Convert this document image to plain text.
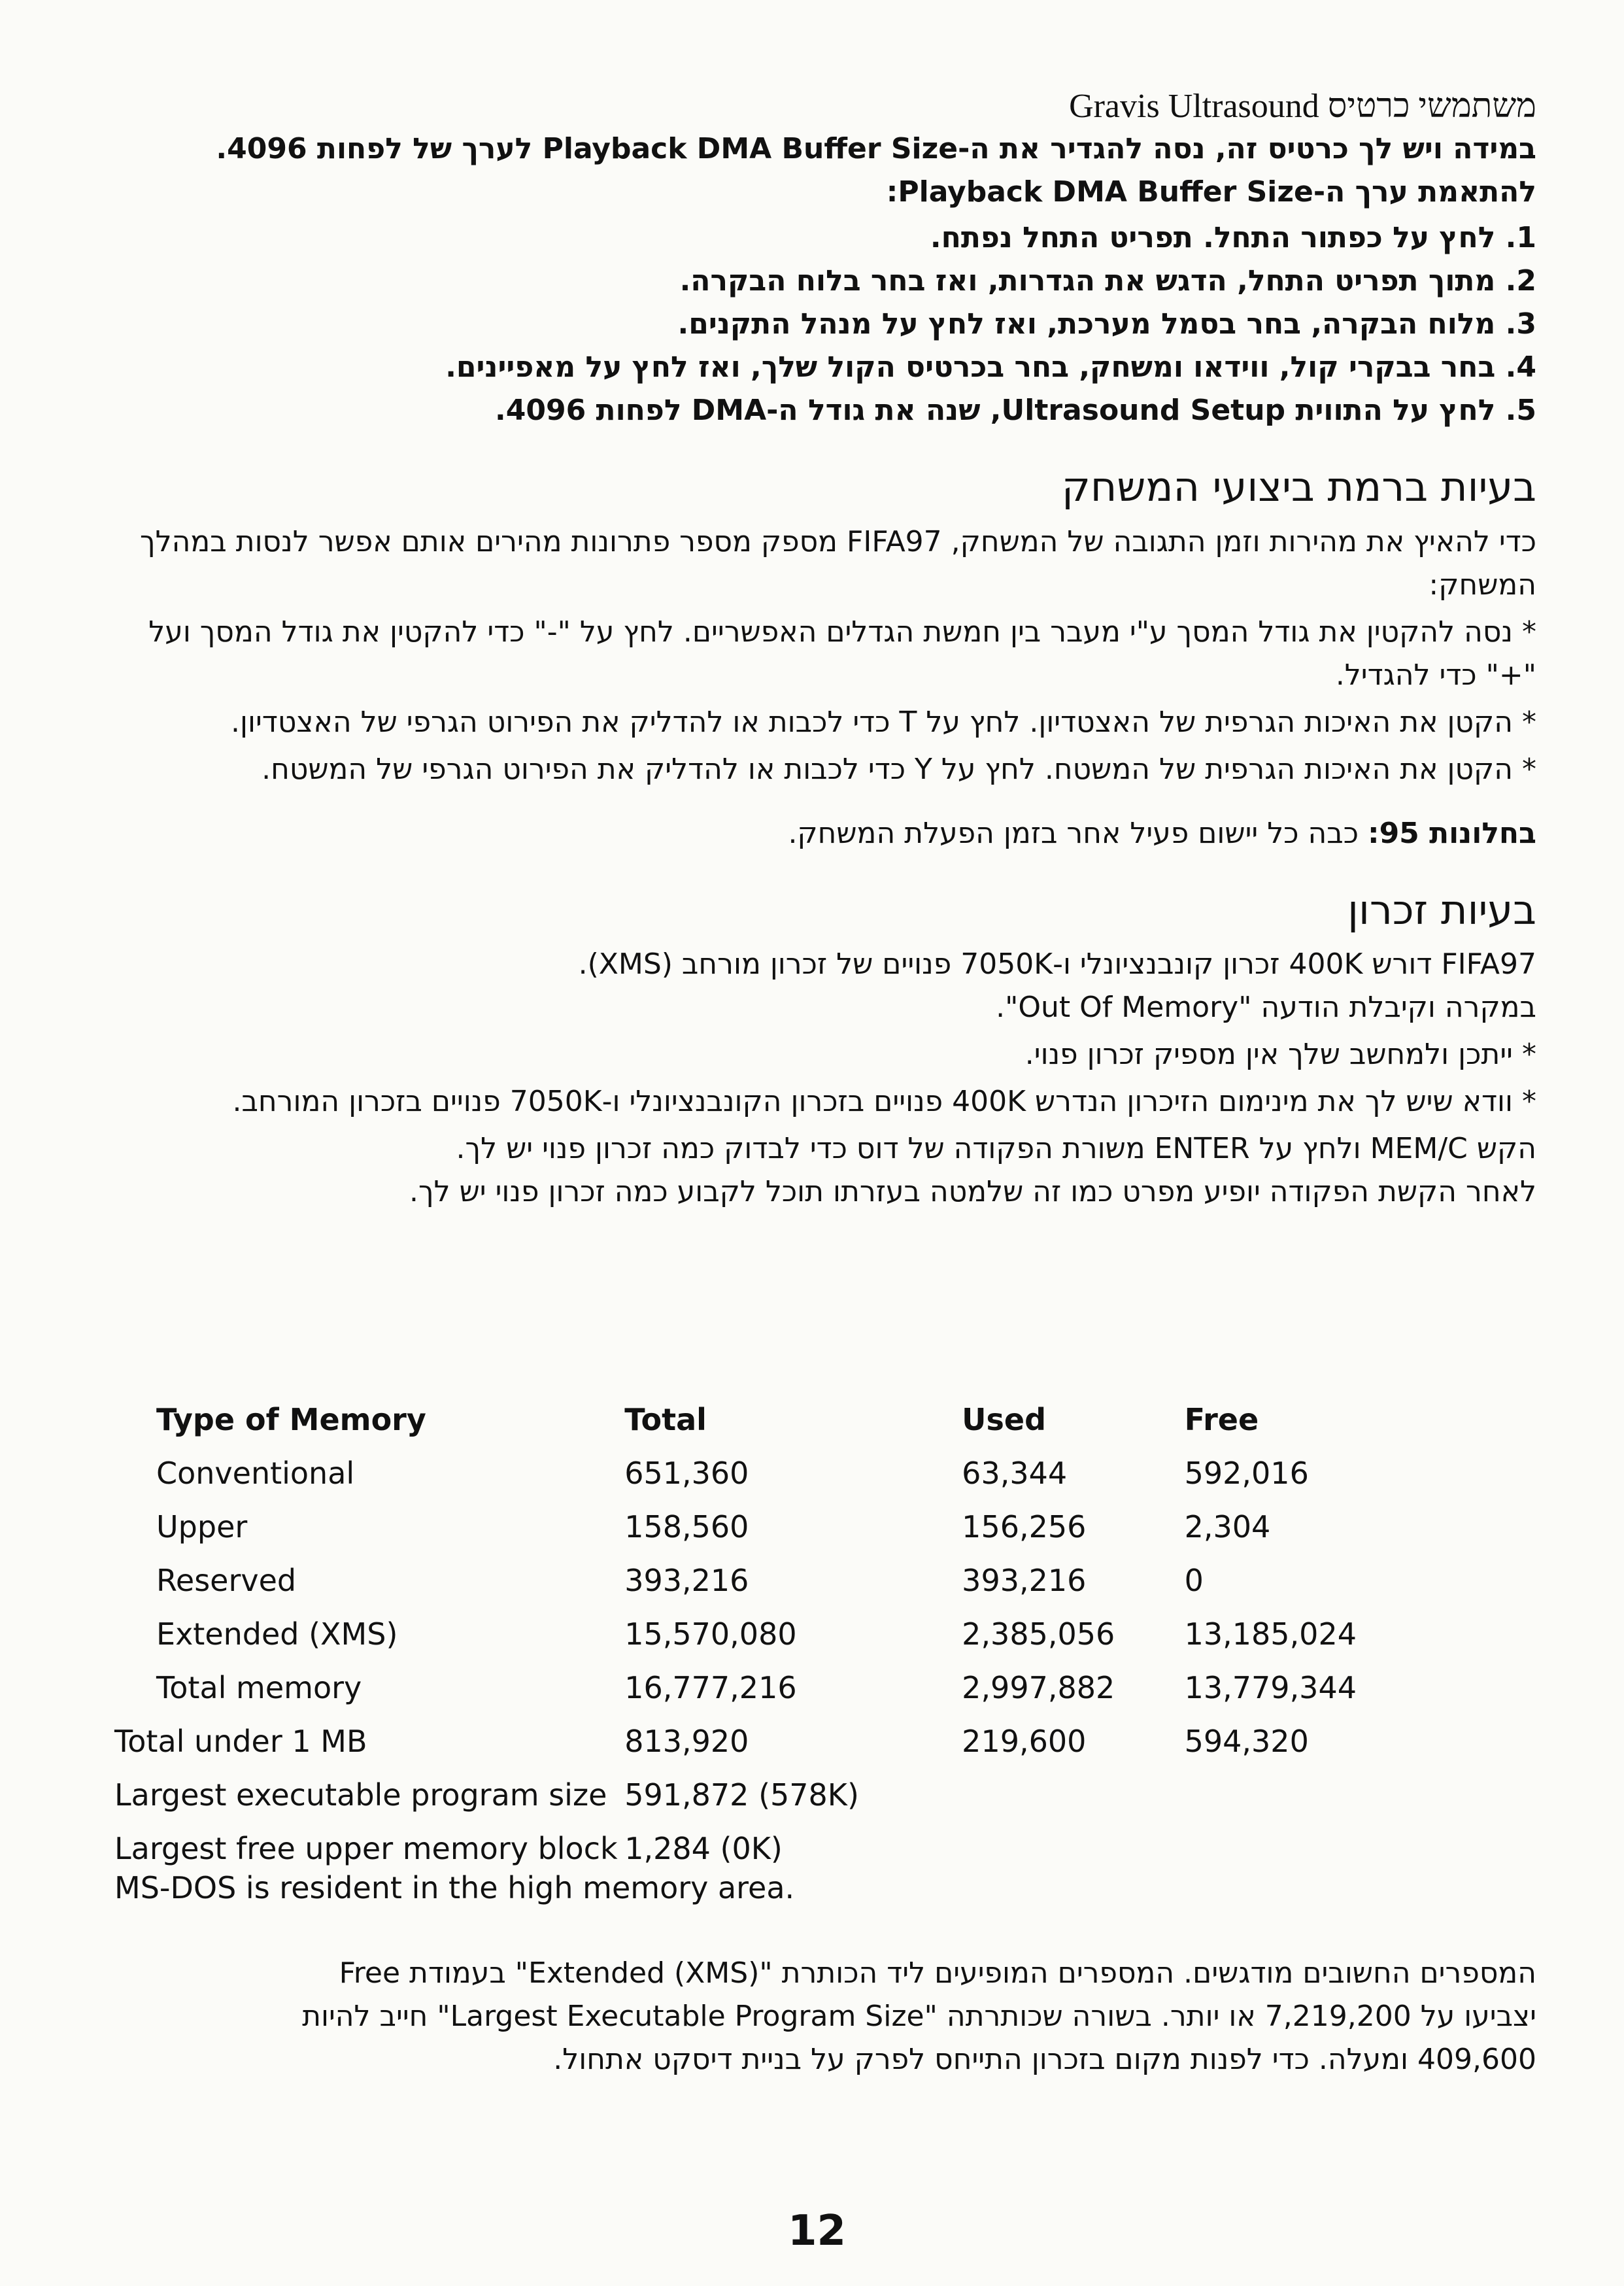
משתמשי כרטיס Gravis Ultrasound

במידה ויש לך כרטיס זה, נסה להגדיר את ה-Playback DMA Buffer Size לערך של לפחות 4096.

להתאמת ערך ה-Playback DMA Buffer Size:

1. לחץ על כפתור התחל. תפריט התחל נפתח.
2. מתוך תפריט התחל, הדגש את הגדרות, ואז בחר בלוח הבקרה.
3. מלוח הבקרה, בחר בסמל מערכת, ואז לחץ על מנהל התקנים.
4. בחר בבקרי קול, ווידאו ומשחק, בחר בכרטיס הקול שלך, ואז לחץ על מאפיינים.
5. לחץ על התווית Ultrasound Setup, שנה את גודל ה-DMA לפחות 4096.
בעיות ברמת ביצועי המשחק

כדי להאיץ את מהירות וזמן התגובה של המשחק, FIFA97 מספק מספר פתרונות מהירים אותם אפשר לנסות במהלך המשחק:

* נסה להקטין את גודל המסך ע"י מעבר בין חמשת הגדלים האפשריים. לחץ על "-" כדי להקטין את גודל המסך ועל "+" כדי להגדיל.

* הקטן את האיכות הגרפית של האצטדיון. לחץ על T כדי לכבות או להדליק את הפירוט הגרפי של האצטדיון.

* הקטן את האיכות הגרפית של המשטח. לחץ על Y כדי לכבות או להדליק את הפירוט הגרפי של המשטח.

בחלונות 95: כבה כל יישום פעיל אחר בזמן הפעלת המשחק.

בעיות זכרון

FIFA97 דורש 400K זכרון קונבנציונלי ו-7050K פנויים של זכרון מורחב (XMS).

במקרה וקיבלת הודעה "Out Of Memory".

* ייתכן ולמחשב שלך אין מספיק זכרון פנוי.

* וודא שיש לך את מינימום הזיכרון הנדרש 400K פנויים בזכרון הקונבנציונלי ו-7050K פנויים בזכרון המורחב.

הקש MEM/C ולחץ על ENTER משורת הפקודה של דוס כדי לבדוק כמה זכרון פנוי יש לך.

לאחר הקשת הפקודה יופיע מפרט כמו זה שלמטה בעזרתו תוכל לקבוע כמה זכרון פנוי יש לך.

Type of Memory	Total	Used	Free
Conventional	651,360	63,344	592,016
Upper	158,560	156,256	2,304
Reserved	393,216	393,216	0
Extended (XMS)	15,570,080	2,385,056	13,185,024
Total memory	16,777,216	2,997,882	13,779,344
Total under 1 MB	813,920	219,600	594,320
Largest executable program size	591,872 (578K)		
Largest free upper memory block	1,284 (0K)		
MS-DOS is resident in the high memory area.

המספרים החשובים מודגשים. המספרים המופיעים ליד הכותרת "Extended (XMS)" בעמודת Free

יצביעו על 7,219,200 או יותר. בשורה שכותרתה "Largest Executable Program Size" חייב להיות

409,600 ומעלה. כדי לפנות מקום בזכרון התייחס לפרק על בניית דיסקט אתחול.

12
